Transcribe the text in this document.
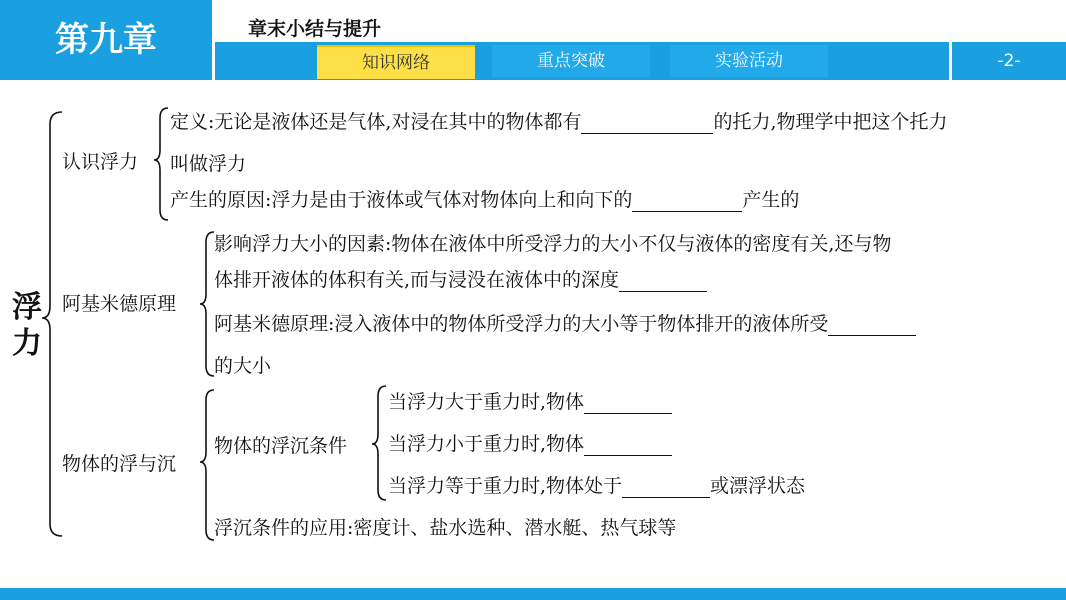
第九章	章末小结与提升
知识网络	重点突破	实验活动	-2-
浮力
认识浮力
定义:无论是液体还是气体,对浸在其中的物体都有	的托力,物理学中把这个托力
叫做浮力
产生的原因:浮力是由于液体或气体对物体向上和向下的	产生的
阿基米德原理
影响浮力大小的因素:物体在液体中所受浮力的大小不仅与液体的密度有关,还与物
体排开液体的体积有关,而与浸没在液体中的深度
阿基米德原理:浸入液体中的物体所受浮力的大小等于物体排开的液体所受
的大小
物体的浮与沉
物体的浮沉条件
当浮力大于重力时,物体
当浮力小于重力时,物体
当浮力等于重力时,物体处于	或漂浮状态
浮沉条件的应用:密度计、盐水选种、潜水艇、热气球等
